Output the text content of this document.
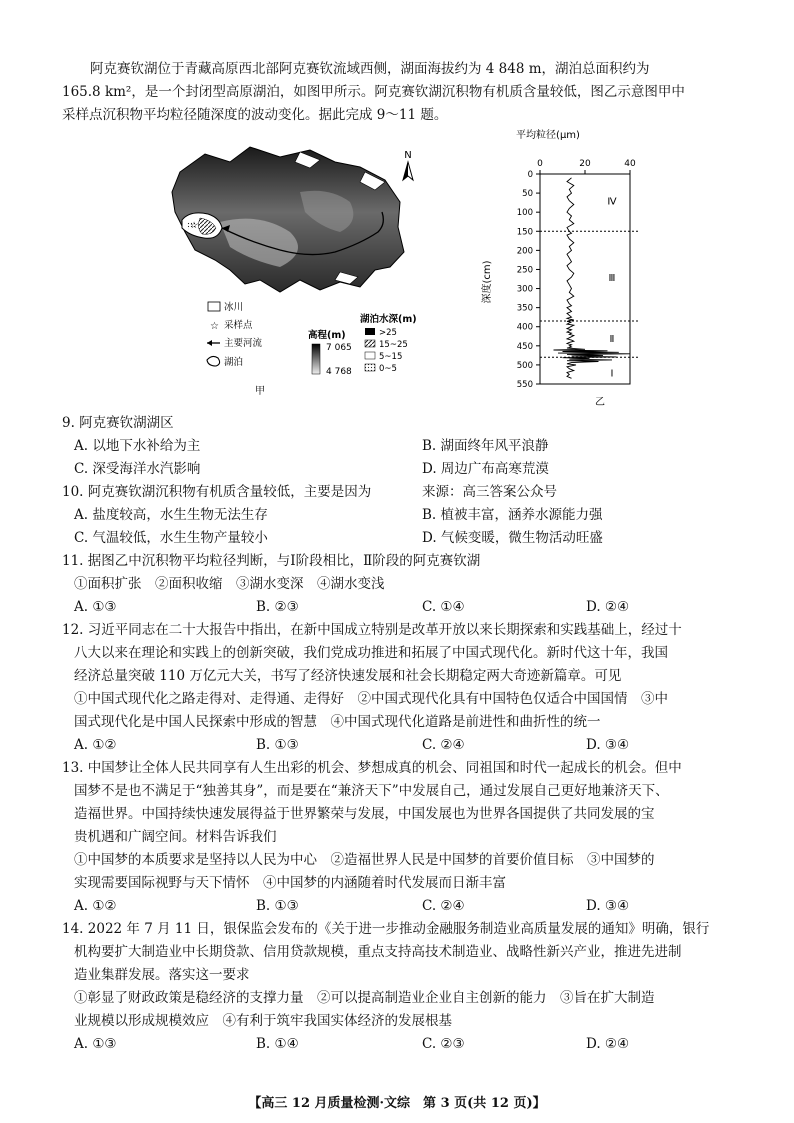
阿克赛钦湖位于青藏高原西北部阿克赛钦流域西侧，湖面海拔约为 4 848 m，湖泊总面积约为
165.8 km²，是一个封闭型高原湖泊，如图甲所示。阿克赛钦湖沉积物有机质含量较低，图乙示意图甲中
采样点沉积物平均粒径随深度的波动变化。据此完成 9～11 题。
☆
N
冰川
☆ 采样点
主要河流
湖泊
高程(m)
7 065
4 768
湖泊水深(m)
>25
15~25
5~15
0~5
甲
平均粒径(μm)
0	20	40
0
50
100
150
200
250
300
350
400
450
500
550
Ⅳ
Ⅲ
Ⅱ
Ⅰ
深度(cm)
乙
9. 阿克赛钦湖湖区
A. 以地下水补给为主	B. 湖面终年风平浪静
C. 深受海洋水汽影响	D. 周边广布高寒荒漠
10. 阿克赛钦湖沉积物有机质含量较低，主要是因为	来源：高三答案公众号
A. 盐度较高，水生生物无法生存	B. 植被丰富，涵养水源能力强
C. 气温较低，水生生物产量较小	D. 气候变暖，微生物活动旺盛
11. 据图乙中沉积物平均粒径判断，与Ⅰ阶段相比，Ⅱ阶段的阿克赛钦湖
①面积扩张　②面积收缩　③湖水变深　④湖水变浅
A. ①③	B. ②③	C. ①④	D. ②④
12. 习近平同志在二十大报告中指出，在新中国成立特别是改革开放以来长期探索和实践基础上，经过十
八大以来在理论和实践上的创新突破，我们党成功推进和拓展了中国式现代化。新时代这十年，我国
经济总量突破 110 万亿元大关，书写了经济快速发展和社会长期稳定两大奇迹新篇章。可见
①中国式现代化之路走得对、走得通、走得好　②中国式现代化具有中国特色仅适合中国国情　③中
国式现代化是中国人民探索中形成的智慧　④中国式现代化道路是前进性和曲折性的统一
A. ①②	B. ①③	C. ②④	D. ③④
13. 中国梦让全体人民共同享有人生出彩的机会、梦想成真的机会、同祖国和时代一起成长的机会。但中
国梦不是也不满足于“独善其身”，而是要在“兼济天下”中发展自己，通过发展自己更好地兼济天下、
造福世界。中国持续快速发展得益于世界繁荣与发展，中国发展也为世界各国提供了共同发展的宝
贵机遇和广阔空间。材料告诉我们
①中国梦的本质要求是坚持以人民为中心　②造福世界人民是中国梦的首要价值目标　③中国梦的
实现需要国际视野与天下情怀　④中国梦的内涵随着时代发展而日渐丰富
A. ①②	B. ①③	C. ②④	D. ③④
14. 2022 年 7 月 11 日，银保监会发布的《关于进一步推动金融服务制造业高质量发展的通知》明确，银行
机构要扩大制造业中长期贷款、信用贷款规模，重点支持高技术制造业、战略性新兴产业，推进先进制
造业集群发展。落实这一要求
①彰显了财政政策是稳经济的支撑力量　②可以提高制造业企业自主创新的能力　③旨在扩大制造
业规模以形成规模效应　④有利于筑牢我国实体经济的发展根基
A. ①③	B. ①④	C. ②③	D. ②④
【高三 12 月质量检测·文综　第 3 页(共 12 页)】
